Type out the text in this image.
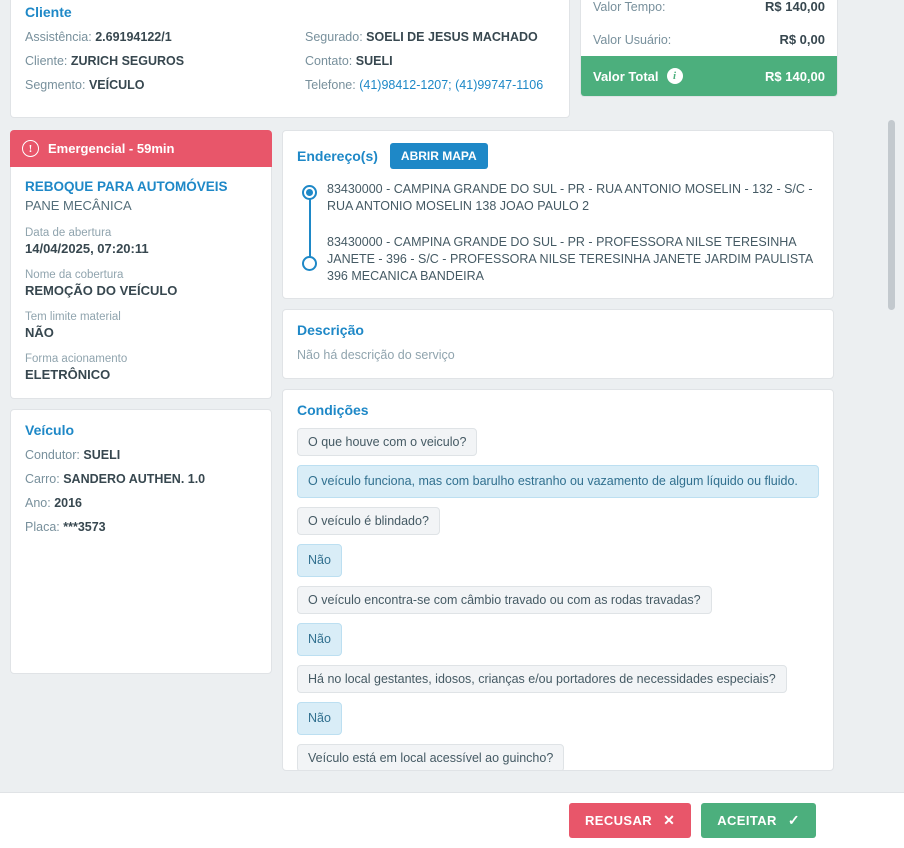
Cliente
Assistência: 2.69194122/1
Cliente: ZURICH SEGUROS
Segmento: VEÍCULO
Segurado: SOELI DE JESUS MACHADO
Contato: SUELI
Telefone: (41)98412-1207; (41)99747-1106
Valor Tempo:	R$ 140,00
Valor Usuário:	R$ 0,00
Valor Total	i	R$ 140,00
!	Emergencial - 59min
REBOQUE PARA AUTOMÓVEIS
PANE MECÂNICA
Data de abertura
14/04/2025, 07:20:11
Nome da cobertura
REMOÇÃO DO VEÍCULO
Tem limite material
NÃO
Forma acionamento
ELETRÔNICO
Veículo
Condutor: SUELI
Carro: SANDERO AUTHEN. 1.0
Ano: 2016
Placa: ***3573
Endereço(s)	ABRIR MAPA
83430000 - CAMPINA GRANDE DO SUL - PR - RUA ANTONIO MOSELIN - 132 - S/C - RUA ANTONIO MOSELIN 138 JOAO PAULO 2
83430000 - CAMPINA GRANDE DO SUL - PR - PROFESSORA NILSE TERESINHA JANETE - 396 - S/C - PROFESSORA NILSE TERESINHA JANETE JARDIM PAULISTA 396 MECANICA BANDEIRA
Descrição
Não há descrição do serviço
Condições
O que houve com o veiculo?
O veículo funciona, mas com barulho estranho ou vazamento de algum líquido ou fluido.
O veículo é blindado?
Não
O veículo encontra-se com câmbio travado ou com as rodas travadas?
Não
Há no local gestantes, idosos, crianças e/ou portadores de necessidades especiais?
Não
Veículo está em local acessível ao guincho?
RECUSAR ✕	ACEITAR ✓
